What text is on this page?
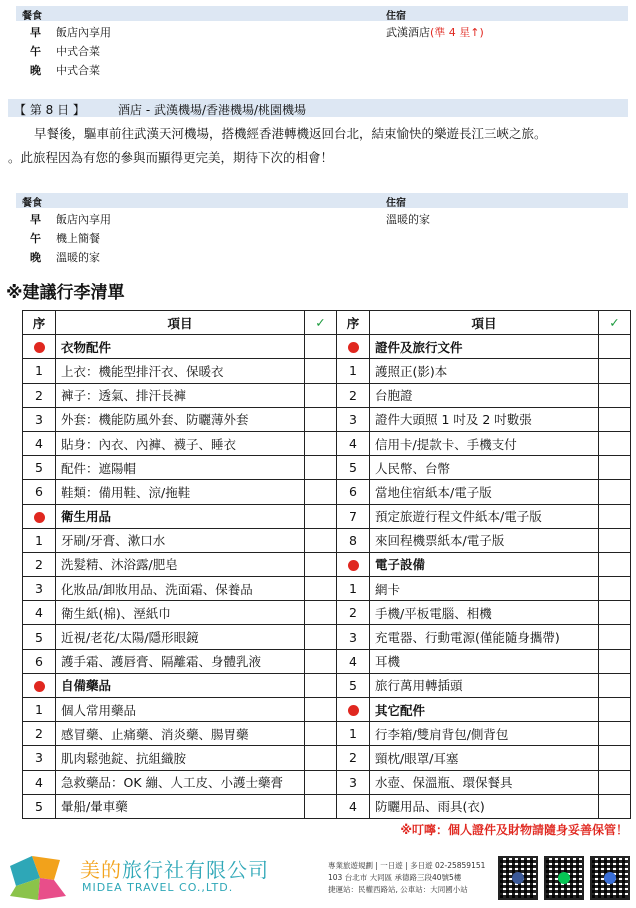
餐食	住宿
早 飯店內享用	武漢酒店(準 4 星↑)
午 中式合菜
晚 中式合菜
【 第 8 日 】	酒店 - 武漢機場/香港機場/桃園機場
早餐後，驅車前往武漢天河機場，搭機經香港轉機返回台北，結束愉快的樂遊長江三峽之旅。
。此旅程因為有您的參與而顯得更完美，期待下次的相會！
餐食	住宿
早 飯店內享用	溫暖的家
午 機上簡餐
晚 溫暖的家
※建議行李清單
序	項目	✓	序	項目	✓
	衣物配件			證件及旅行文件	
1	上衣：機能型排汗衣、保暖衣		1	護照正(影)本	
2	褲子：透氣、排汗長褲		2	台胞證	
3	外套：機能防風外套、防曬薄外套		3	證件大頭照 1 吋及 2 吋數張	
4	貼身：內衣、內褲、襪子、睡衣		4	信用卡/提款卡、手機支付	
5	配件：遮陽帽		5	人民幣、台幣	
6	鞋類：備用鞋、涼/拖鞋		6	當地住宿紙本/電子版	
	衛生用品		7	預定旅遊行程文件紙本/電子版	
1	牙刷/牙膏、漱口水		8	來回程機票紙本/電子版	
2	洗髮精、沐浴露/肥皂			電子設備	
3	化妝品/卸妝用品、洗面霜、保養品		1	網卡	
4	衛生紙(棉)、溼紙巾		2	手機/平板電腦、相機	
5	近視/老花/太陽/隱形眼鏡		3	充電器、行動電源(僅能隨身攜帶)	
6	護手霜、護唇膏、隔離霜、身體乳液		4	耳機	
	自備藥品		5	旅行萬用轉插頭	
1	個人常用藥品			其它配件	
2	感冒藥、止痛藥、消炎藥、腸胃藥		1	行李箱/雙肩背包/側背包	
3	肌肉鬆弛錠、抗組織胺		2	頸枕/眼罩/耳塞	
4	急救藥品：OK 繃、人工皮、小護士藥膏		3	水壺、保溫瓶、環保餐具	
5	暈船/暈車藥		4	防曬用品、雨具(衣)	
※叮嚀：個人證件及財物請隨身妥善保管！
美的旅行社有限公司
MIDEA TRAVEL CO.,LTD.
專業旅遊規劃 | 一日遊 | 多日遊 02-25859151
103 台北市 大同區 承德路三段40號5樓
捷運站：民權西路站, 公車站：大同國小站
